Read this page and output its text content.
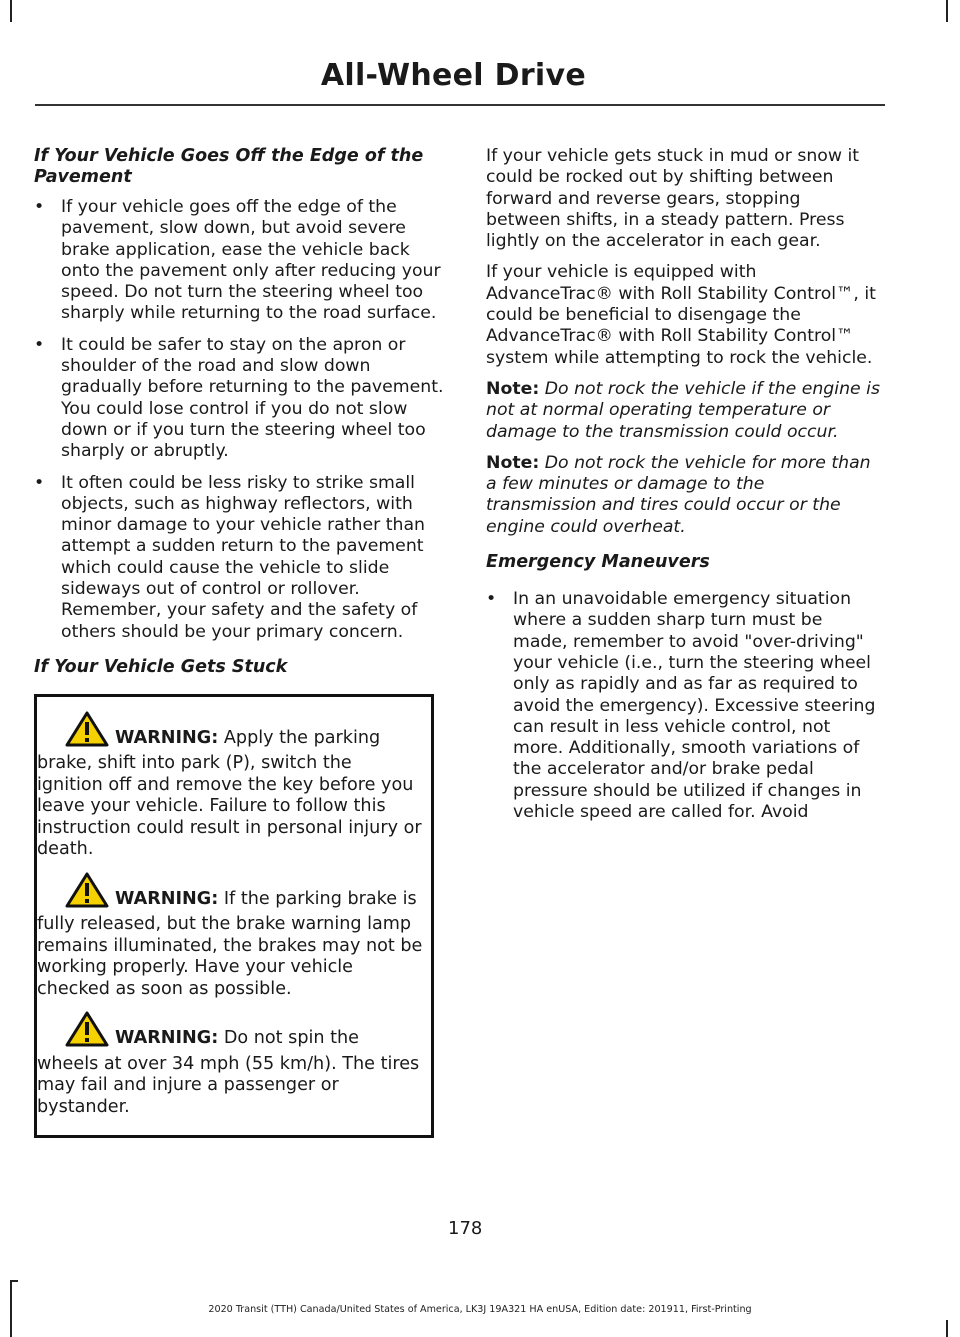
All-Wheel Drive
If Your Vehicle Goes Off the Edge of the Pavement
• If your vehicle goes off the edge of the pavement, slow down, but avoid severe brake application, ease the vehicle back onto the pavement only after reducing your speed. Do not turn the steering wheel too sharply while returning to the road surface.
• It could be safer to stay on the apron or shoulder of the road and slow down gradually before returning to the pavement. You could lose control if you do not slow down or if you turn the steering wheel too sharply or abruptly.
• It often could be less risky to strike small objects, such as highway reflectors, with minor damage to your vehicle rather than attempt a sudden return to the pavement which could cause the vehicle to slide sideways out of control or rollover. Remember, your safety and the safety of others should be your primary concern.
If Your Vehicle Gets Stuck

WARNING: Apply the parking brake, shift into park (P), switch the ignition off and remove the key before you leave your vehicle. Failure to follow this instruction could result in personal injury or death.

WARNING: If the parking brake is fully released, but the brake warning lamp remains illuminated, the brakes may not be working properly. Have your vehicle checked as soon as possible.

WARNING: Do not spin the wheels at over 34 mph (55 km/h). The tires may fail and injure a passenger or bystander.

If your vehicle gets stuck in mud or snow it could be rocked out by shifting between forward and reverse gears, stopping between shifts, in a steady pattern. Press lightly on the accelerator in each gear.

If your vehicle is equipped with AdvanceTrac® with Roll Stability Control™, it could be beneficial to disengage the AdvanceTrac® with Roll Stability Control™ system while attempting to rock the vehicle.

Note: Do not rock the vehicle if the engine is not at normal operating temperature or damage to the transmission could occur.

Note: Do not rock the vehicle for more than a few minutes or damage to the transmission and tires could occur or the engine could overheat.

Emergency Maneuvers
• In an unavoidable emergency situation where a sudden sharp turn must be made, remember to avoid "over-driving" your vehicle (i.e., turn the steering wheel only as rapidly and as far as required to avoid the emergency). Excessive steering can result in less vehicle control, not more. Additionally, smooth variations of the accelerator and/or brake pedal pressure should be utilized if changes in vehicle speed are called for. Avoid
178
2020 Transit (TTH) Canada/United States of America, LK3J 19A321 HA enUSA, Edition date: 201911, First-Printing
